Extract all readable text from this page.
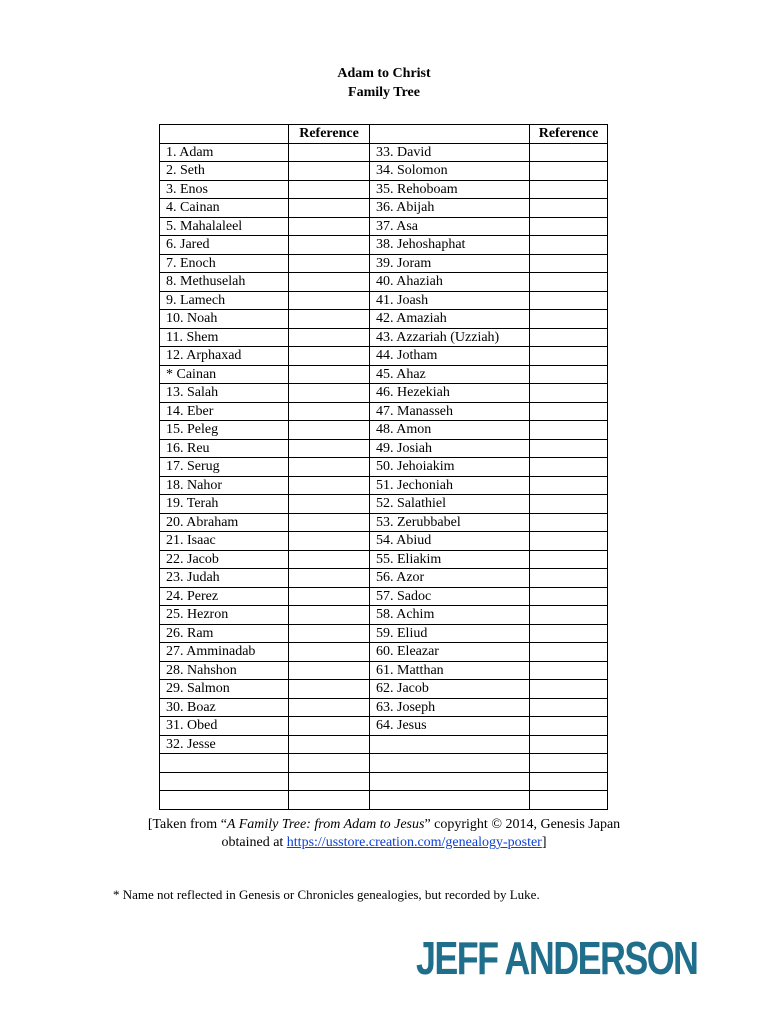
Adam to Christ
Family Tree
	Reference		Reference
1. Adam		33. David	
2. Seth		34. Solomon	
3. Enos		35. Rehoboam	
4. Cainan		36. Abijah	
5. Mahalaleel		37. Asa	
6. Jared		38. Jehoshaphat	
7. Enoch		39. Joram	
8. Methuselah		40. Ahaziah	
9. Lamech		41. Joash	
10. Noah		42. Amaziah	
11. Shem		43. Azzariah (Uzziah)	
12. Arphaxad		44. Jotham	
* Cainan		45. Ahaz	
13. Salah		46. Hezekiah	
14. Eber		47. Manasseh	
15. Peleg		48. Amon	
16. Reu		49. Josiah	
17. Serug		50. Jehoiakim	
18. Nahor		51. Jechoniah	
19. Terah		52. Salathiel	
20. Abraham		53. Zerubbabel	
21. Isaac		54. Abiud	
22. Jacob		55. Eliakim	
23. Judah		56. Azor	
24. Perez		57. Sadoc	
25. Hezron		58. Achim	
26. Ram		59. Eliud	
27. Amminadab		60. Eleazar	
28. Nahshon		61. Matthan	
29. Salmon		62. Jacob	
30. Boaz		63. Joseph	
31. Obed		64. Jesus	
32. Jesse			

[Taken from “A Family Tree: from Adam to Jesus” copyright © 2014, Genesis Japan
obtained at https://usstore.creation.com/genealogy-poster]
* Name not reflected in Genesis or Chronicles genealogies, but recorded by Luke.
JEFF ANDERSON
